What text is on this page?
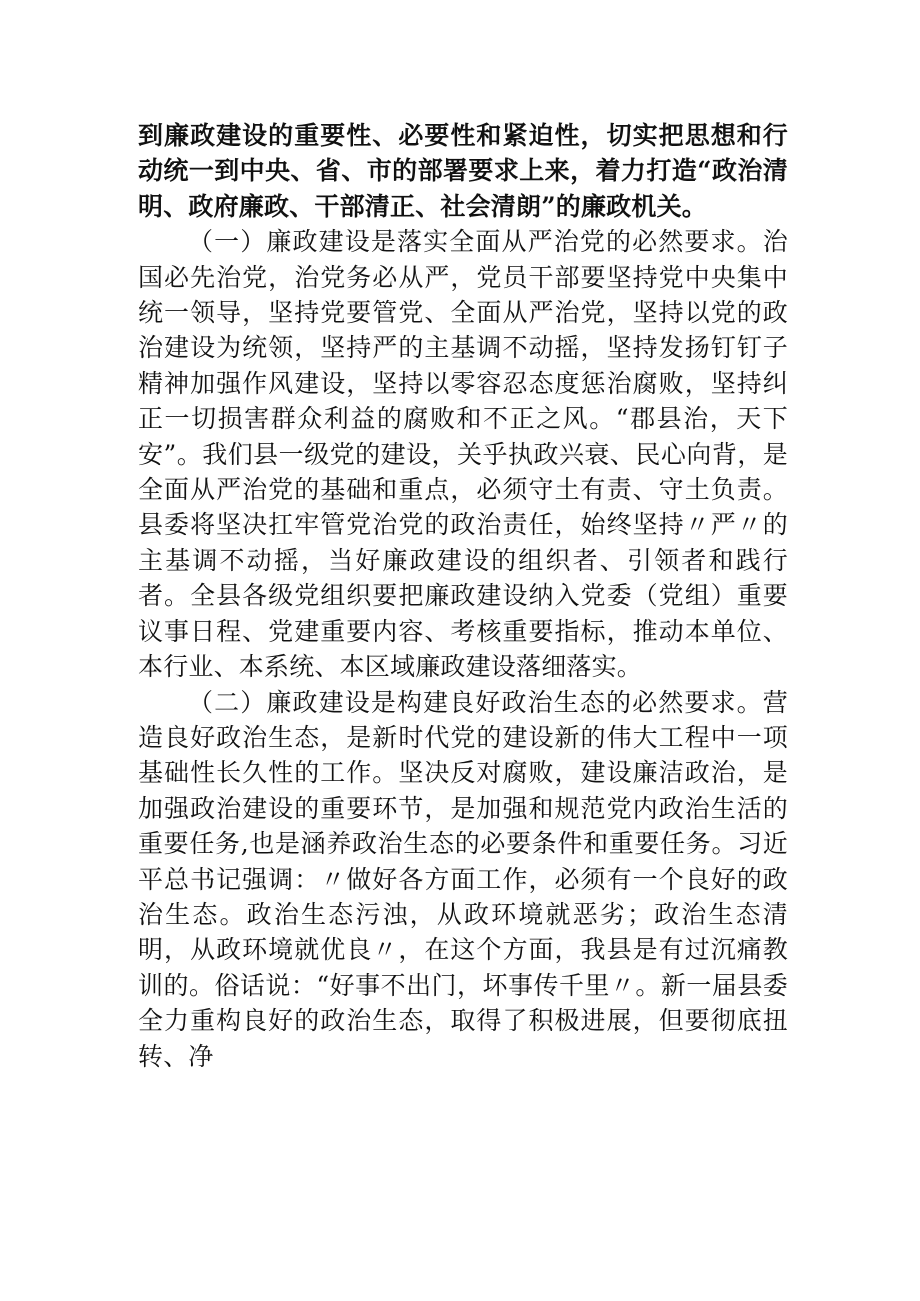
到廉政建设的重要性、必要性和紧迫性，切实把思想和行动统一到中央、省、市的部署要求上来，着力打造“政治清明、政府廉政、干部清正、社会清朗”的廉政机关。

（一）廉政建设是落实全面从严治党的必然要求。治国必先治党，治党务必从严，党员干部要坚持党中央集中统一领导，坚持党要管党、全面从严治党，坚持以党的政治建设为统领，坚持严的主基调不动摇，坚持发扬钉钉子精神加强作风建设，坚持以零容忍态度惩治腐败，坚持纠正一切损害群众利益的腐败和不正之风。“郡县治，天下安”。我们县一级党的建设，关乎执政兴衰、民心向背，是全面从严治党的基础和重点，必须守土有责、守土负责。县委将坚决扛牢管党治党的政治责任，始终坚持〃严〃的主基调不动摇，当好廉政建设的组织者、引领者和践行者。全县各级党组织要把廉政建设纳入党委（党组）重要议事日程、党建重要内容、考核重要指标，推动本单位、本行业、本系统、本区域廉政建设落细落实。

（二）廉政建设是构建良好政治生态的必然要求。营造良好政治生态，是新时代党的建设新的伟大工程中一项基础性长久性的工作。坚决反对腐败，建设廉洁政治，是加强政治建设的重要环节，是加强和规范党内政治生活的重要任务,也是涵养政治生态的必要条件和重要任务。习近平总书记强调：〃做好各方面工作，必须有一个良好的政治生态。政治生态污浊，从政环境就恶劣；政治生态清明，从政环境就优良〃，在这个方面，我县是有过沉痛教训的。俗话说：“好事不出门，坏事传千里〃。新一届县委全力重构良好的政治生态，取得了积极进展，但要彻底扭转、净
